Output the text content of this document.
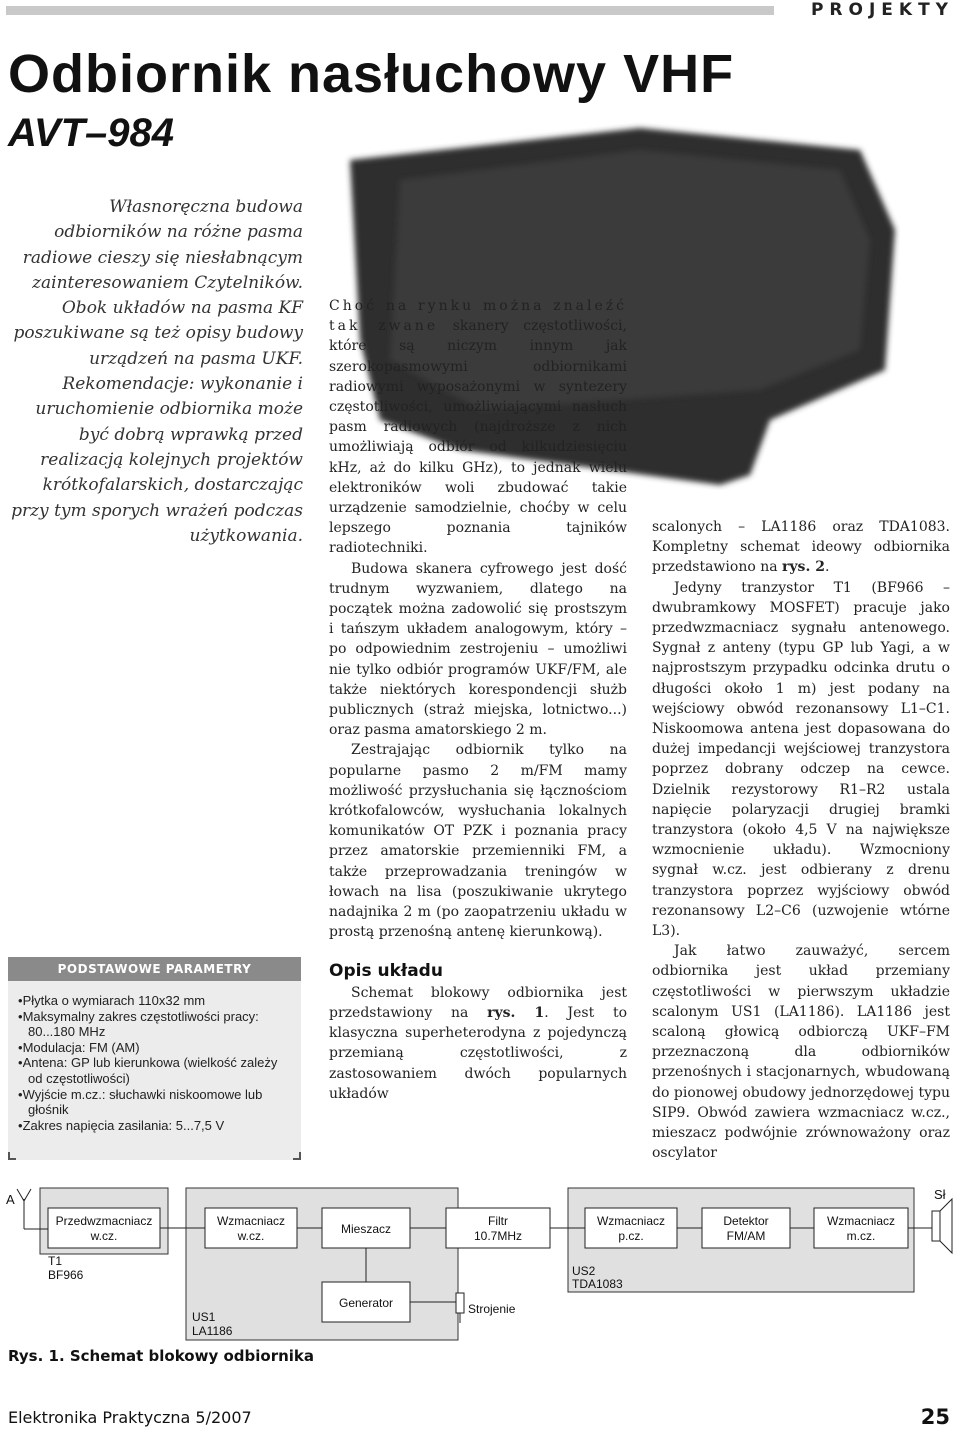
PROJEKTY
Odbiornik nasłuchowy VHF
AVT–984
Własnoręczna budowa odbiorników na różne pasma radiowe cieszy się niesłabnącym zainteresowaniem Czytelników. Obok układów na pasma KF poszukiwane są też opisy budowy urządzeń na pasma UKF. Rekomendacje: wykonanie i uruchomienie odbiornika może być dobrą wprawką przed realizacją kolejnych projektów krótkofalarskich, dostarczając przy tym sporych wrażeń podczas użytkowania.

Choć na rynku można znaleźć tak zwane skanery częstotliwości, które są niczym innym jak szerokopasmowymi odbiornikami radiowymi wyposażonymi w syntezery częstotliwości, umożliwiającymi nasłuch pasm radiowych (najdroższe z nich umożliwiają odbiór od kilkudziesięciu kHz, aż do kilku GHz), to jednak wielu elektroników woli zbudować takie urządzenie samodzielnie, choćby w celu lepszego poznania tajników radiotechniki.

Budowa skanera cyfrowego jest dość trudnym wyzwaniem, dlatego na początek można zadowolić się prostszym i tańszym układem analogowym, który – po odpowiednim zestrojeniu – umożliwi nie tylko odbiór programów UKF/FM, ale także niektórych korespondencji służb publicznych (straż miejska, lotnictwo...) oraz pasma amatorskiego 2 m.

Zestrajając odbiornik tylko na popularne pasmo 2 m/FM mamy możliwość przysłuchania się łącznościom krótkofalowców, wysłuchania lokalnych komunikatów OT PZK i poznania pracy przez amatorskie przemienniki FM, a także przeprowadzania treningów w łowach na lisa (poszukiwanie ukrytego nadajnika 2 m (po zaopatrzeniu układu w prostą przenośną antenę kierunkową).

Opis układu

Schemat blokowy odbiornika jest przedstawiony na rys. 1. Jest to klasyczna superheterodyna z pojedynczą przemianą częstotliwości, z zastosowaniem dwóch popularnych układów

scalonych – LA1186 oraz TDA1083. Kompletny schemat ideowy odbiornika przedstawiono na rys. 2.

Jedyny tranzystor T1 (BF966 – dwubramkowy MOSFET) pracuje jako przedwzmacniacz sygnału antenowego. Sygnał z anteny (typu GP lub Yagi, a w najprostszym przypadku odcinka drutu o długości około 1 m) jest podany na wejściowy obwód rezonansowy L1–C1. Niskoomowa antena jest dopasowana do dużej impedancji wejściowej tranzystora poprzez dobrany odczep na cewce. Dzielnik rezystorowy R1–R2 ustala napięcie polaryzacji drugiej bramki tranzystora (około 4,5 V na największe wzmocnienie układu). Wzmocniony sygnał w.cz. jest odbierany z drenu tranzystora poprzez wyjściowy obwód rezonansowy L2–C6 (uzwojenie wtórne L3).

Jak łatwo zauważyć, sercem odbiornika jest układ przemiany częstotliwości w pierwszym układzie scalonym US1 (LA1186). LA1186 jest scaloną głowicą odbiorczą UKF–FM przeznaczoną dla odbiorników przenośnych i stacjonarnych, wbudowaną do pionowej obudowy jednorzędowej typu SIP9. Obwód zawiera wzmacniacz w.cz., mieszacz podwójnie zrównoważony oraz oscylator

PODSTAWOWE PARAMETRY
• Płytka o wymiarach 110x32 mm
• Maksymalny zakres częstotliwości pracy: 80...180 MHz
• Modulacja: FM (AM)
• Antena: GP lub kierunkowa (wielkość zależy od częstotliwości)
• Wyjście m.cz.: słuchawki niskoomowe lub głośnik
• Zakres napięcia zasilania: 5...7,5 V
A
Przedwzmacniacz
w.cz.
Wzmacniacz
w.cz.	Mieszacz
Filtr
10.7MHz
Wzmacniacz
p.cz.
Detektor
FM/AM
Wzmacniacz
m.cz.
Generator	Strojenie
Sł
T1
BF966
US1
LA1186
US2
TDA1083
Rys. 1. Schemat blokowy odbiornika
Elektronika Praktyczna 5/2007	25
